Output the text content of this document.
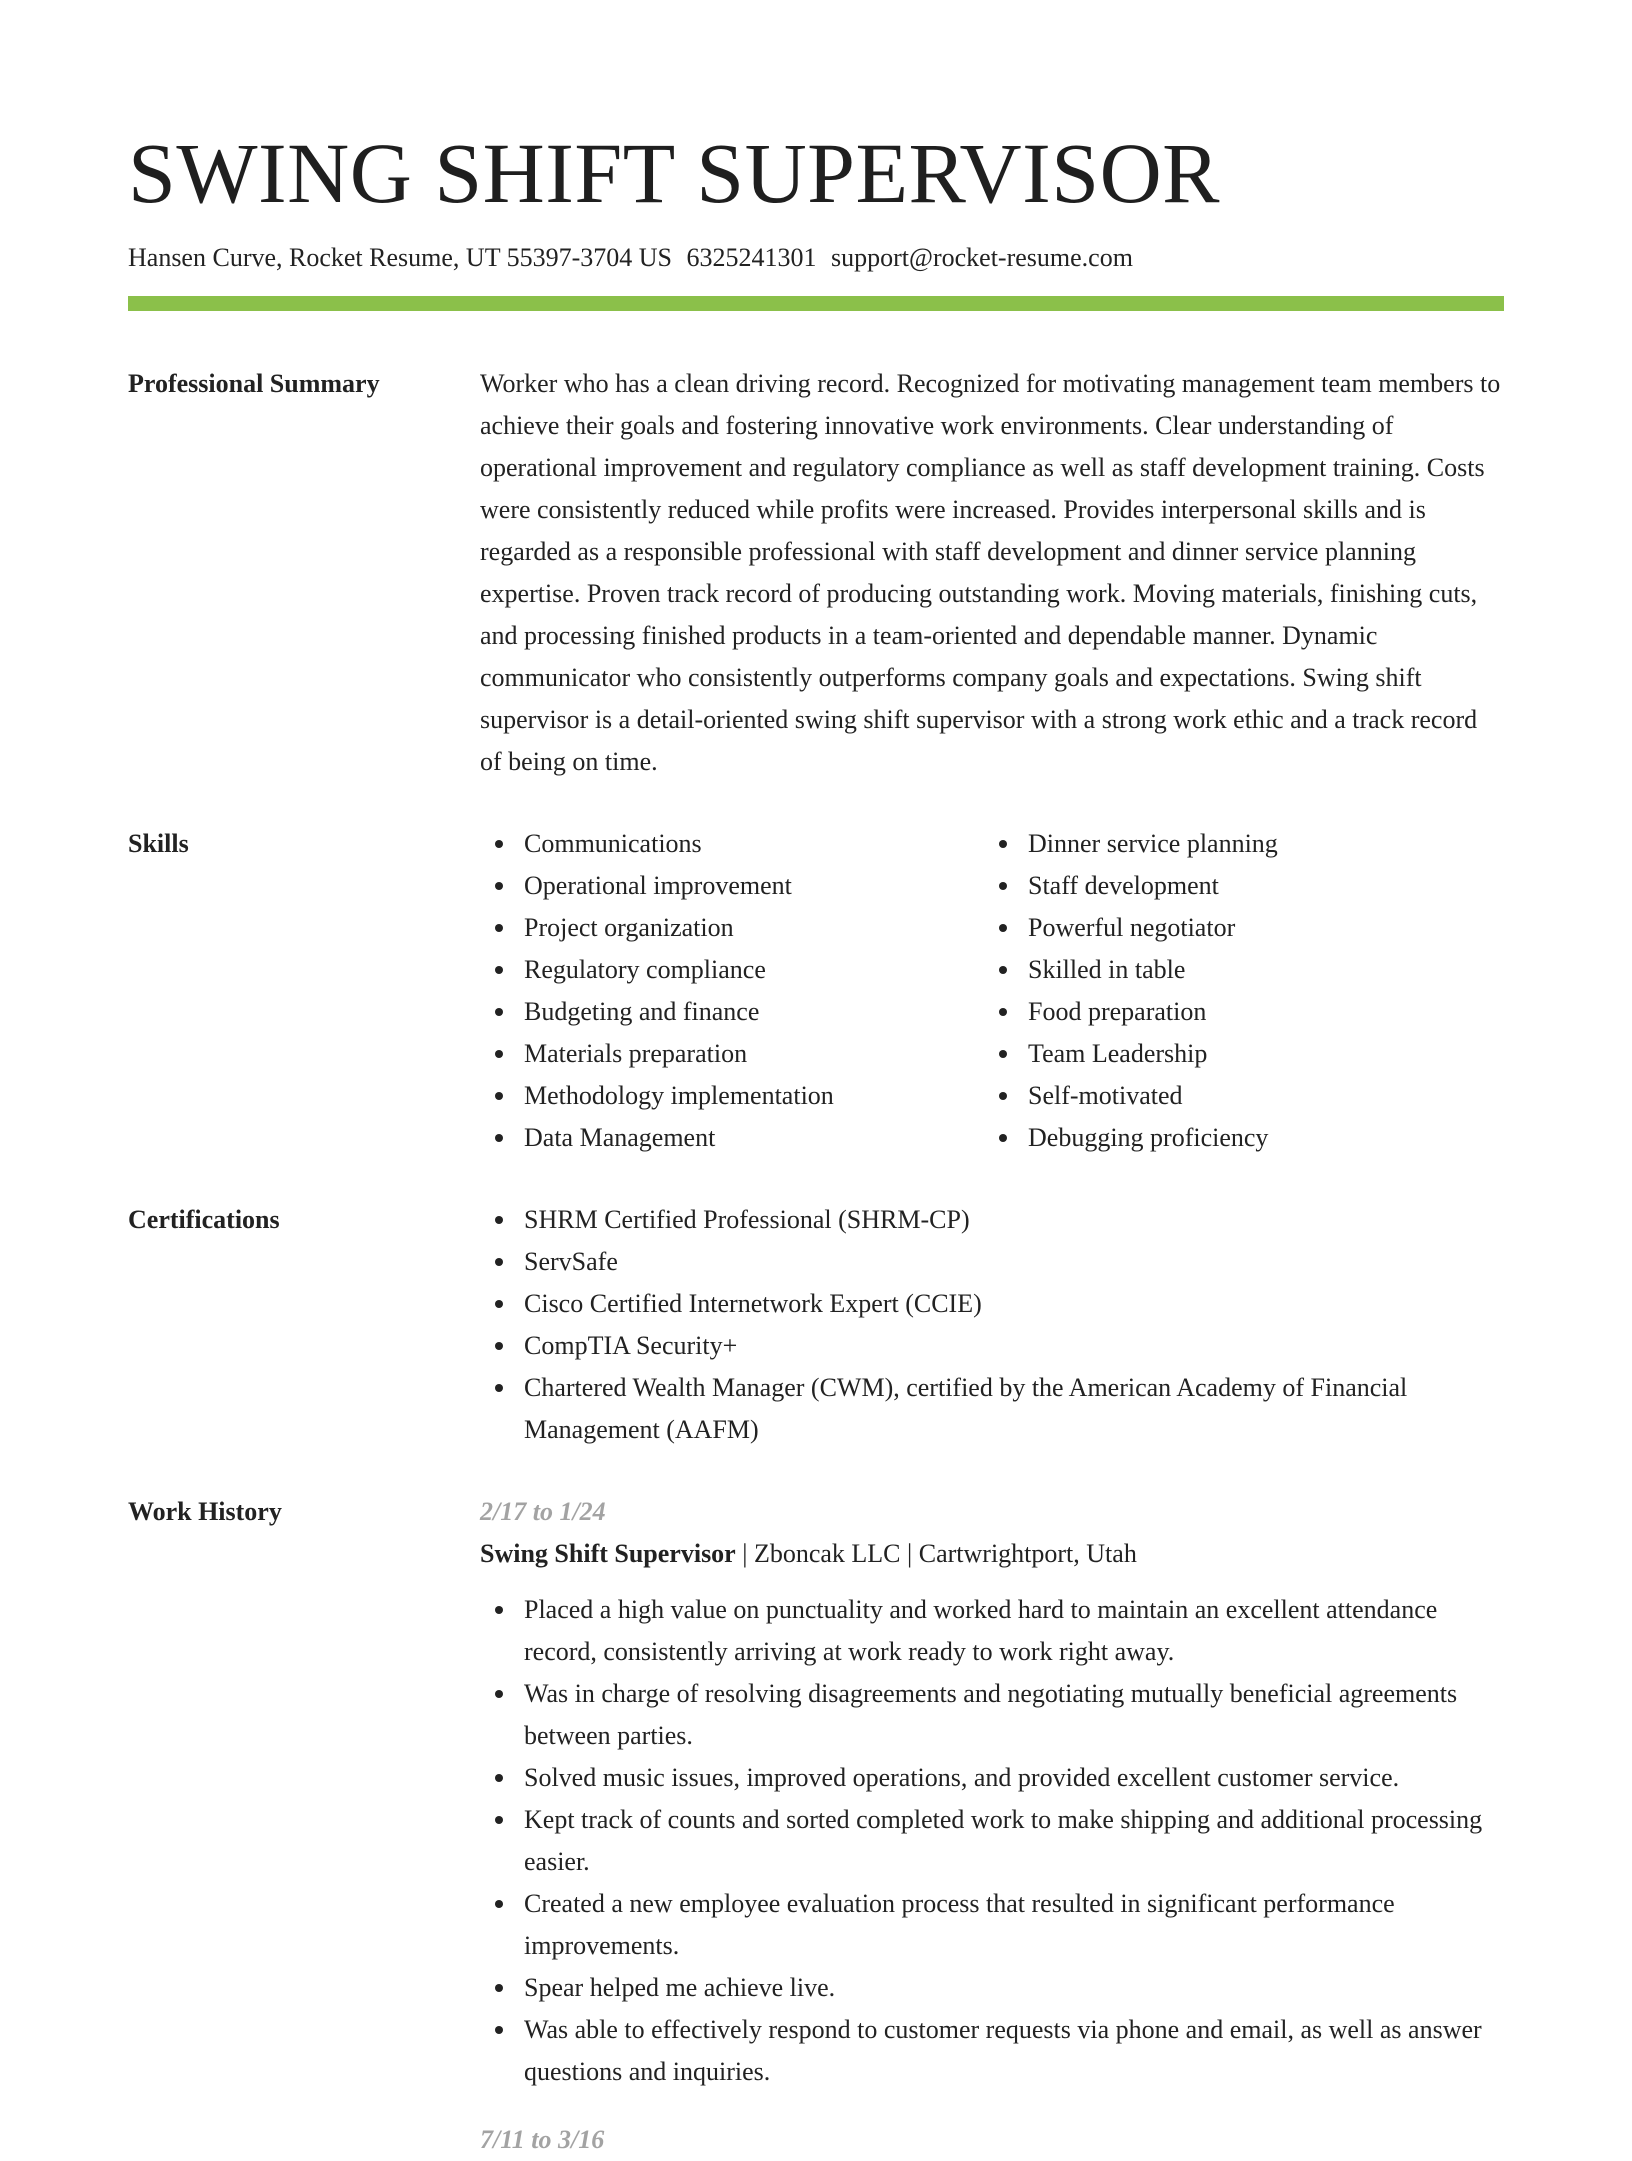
SWING SHIFT SUPERVISOR
Hansen Curve, Rocket Resume, UT 55397-3704 US 6325241301 support@rocket-resume.com
Professional Summary	Worker who has a clean driving record. Recognized for motivating management team members to achieve their goals and fostering innovative work environments. Clear understanding of operational improvement and regulatory compliance as well as staff development training. Costs were consistently reduced while profits were increased. Provides interpersonal skills and is regarded as a responsible professional with staff development and dinner service planning expertise. Proven track record of producing outstanding work. Moving materials, finishing cuts, and processing finished products in a team-oriented and dependable manner. Dynamic communicator who consistently outperforms company goals and expectations. Swing shift supervisor is a detail-oriented swing shift supervisor with a strong work ethic and a track record of being on time.
Skills	Communications
Operational improvement
Project organization
Regulatory compliance
Budgeting and finance
Materials preparation
Methodology implementation
Data Management
Dinner service planning
Staff development
Powerful negotiator
Skilled in table
Food preparation
Team Leadership
Self-motivated
Debugging proficiency
Certifications	SHRM Certified Professional (SHRM-CP)
ServSafe
Cisco Certified Internetwork Expert (CCIE)
CompTIA Security+
Chartered Wealth Manager (CWM), certified by the American Academy of Financial Management (AAFM)
Work History	2/17 to 1/24
Swing Shift Supervisor | Zboncak LLC | Cartwrightport, Utah
Placed a high value on punctuality and worked hard to maintain an excellent attendance record, consistently arriving at work ready to work right away.
Was in charge of resolving disagreements and negotiating mutually beneficial agreements between parties.
Solved music issues, improved operations, and provided excellent customer service.
Kept track of counts and sorted completed work to make shipping and additional processing easier.
Created a new employee evaluation process that resulted in significant performance improvements.
Spear helped me achieve live.
Was able to effectively respond to customer requests via phone and email, as well as answer questions and inquiries.
7/11 to 3/16
